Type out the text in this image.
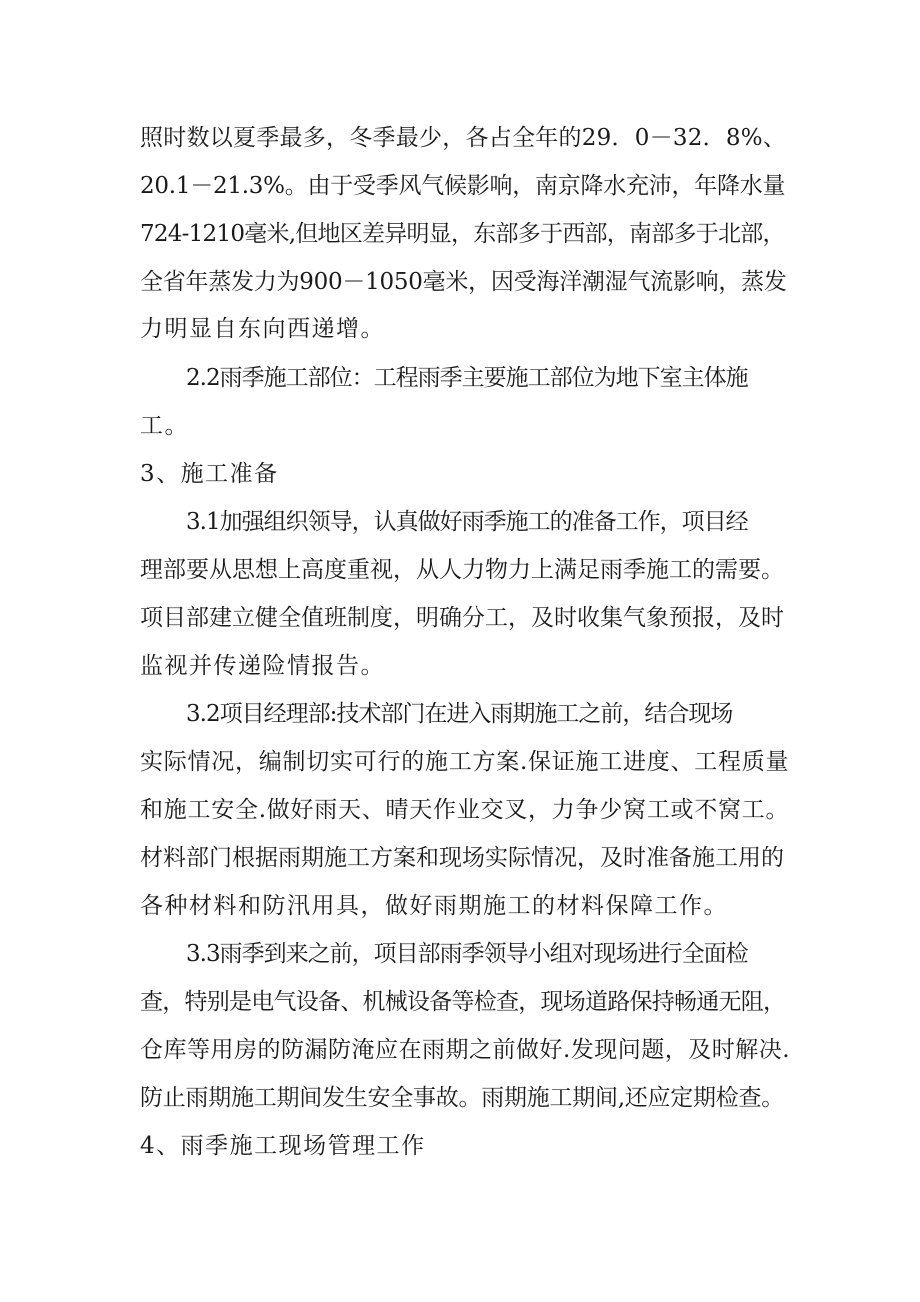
照时数以夏季最多，冬季最少，各占全年的29．0－32．8%、
20.1－21.3%。由于受季风气候影响，南京降水充沛，年降水量
724-1210毫米,但地区差异明显，东部多于西部，南部多于北部，
全省年蒸发力为900－1050毫米，因受海洋潮湿气流影响，蒸发
力明显自东向西递增。
2.2雨季施工部位：工程雨季主要施工部位为地下室主体施
工。
3、施工准备
3.1加强组织领导，认真做好雨季施工的准备工作，项目经
理部要从思想上高度重视，从人力物力上满足雨季施工的需要。
项目部建立健全值班制度，明确分工，及时收集气象预报，及时
监视并传递险情报告。
3.2项目经理部:技术部门在进入雨期施工之前，结合现场
实际情况，编制切实可行的施工方案.保证施工进度、工程质量
和施工安全.做好雨天、晴天作业交叉，力争少窝工或不窝工。
材料部门根据雨期施工方案和现场实际情况，及时准备施工用的
各种材料和防汛用具，做好雨期施工的材料保障工作。
3.3雨季到来之前，项目部雨季领导小组对现场进行全面检
查，特别是电气设备、机械设备等检查，现场道路保持畅通无阻，
仓库等用房的防漏防淹应在雨期之前做好.发现问题，及时解决.
防止雨期施工期间发生安全事故。雨期施工期间,还应定期检查。
4、雨季施工现场管理工作
